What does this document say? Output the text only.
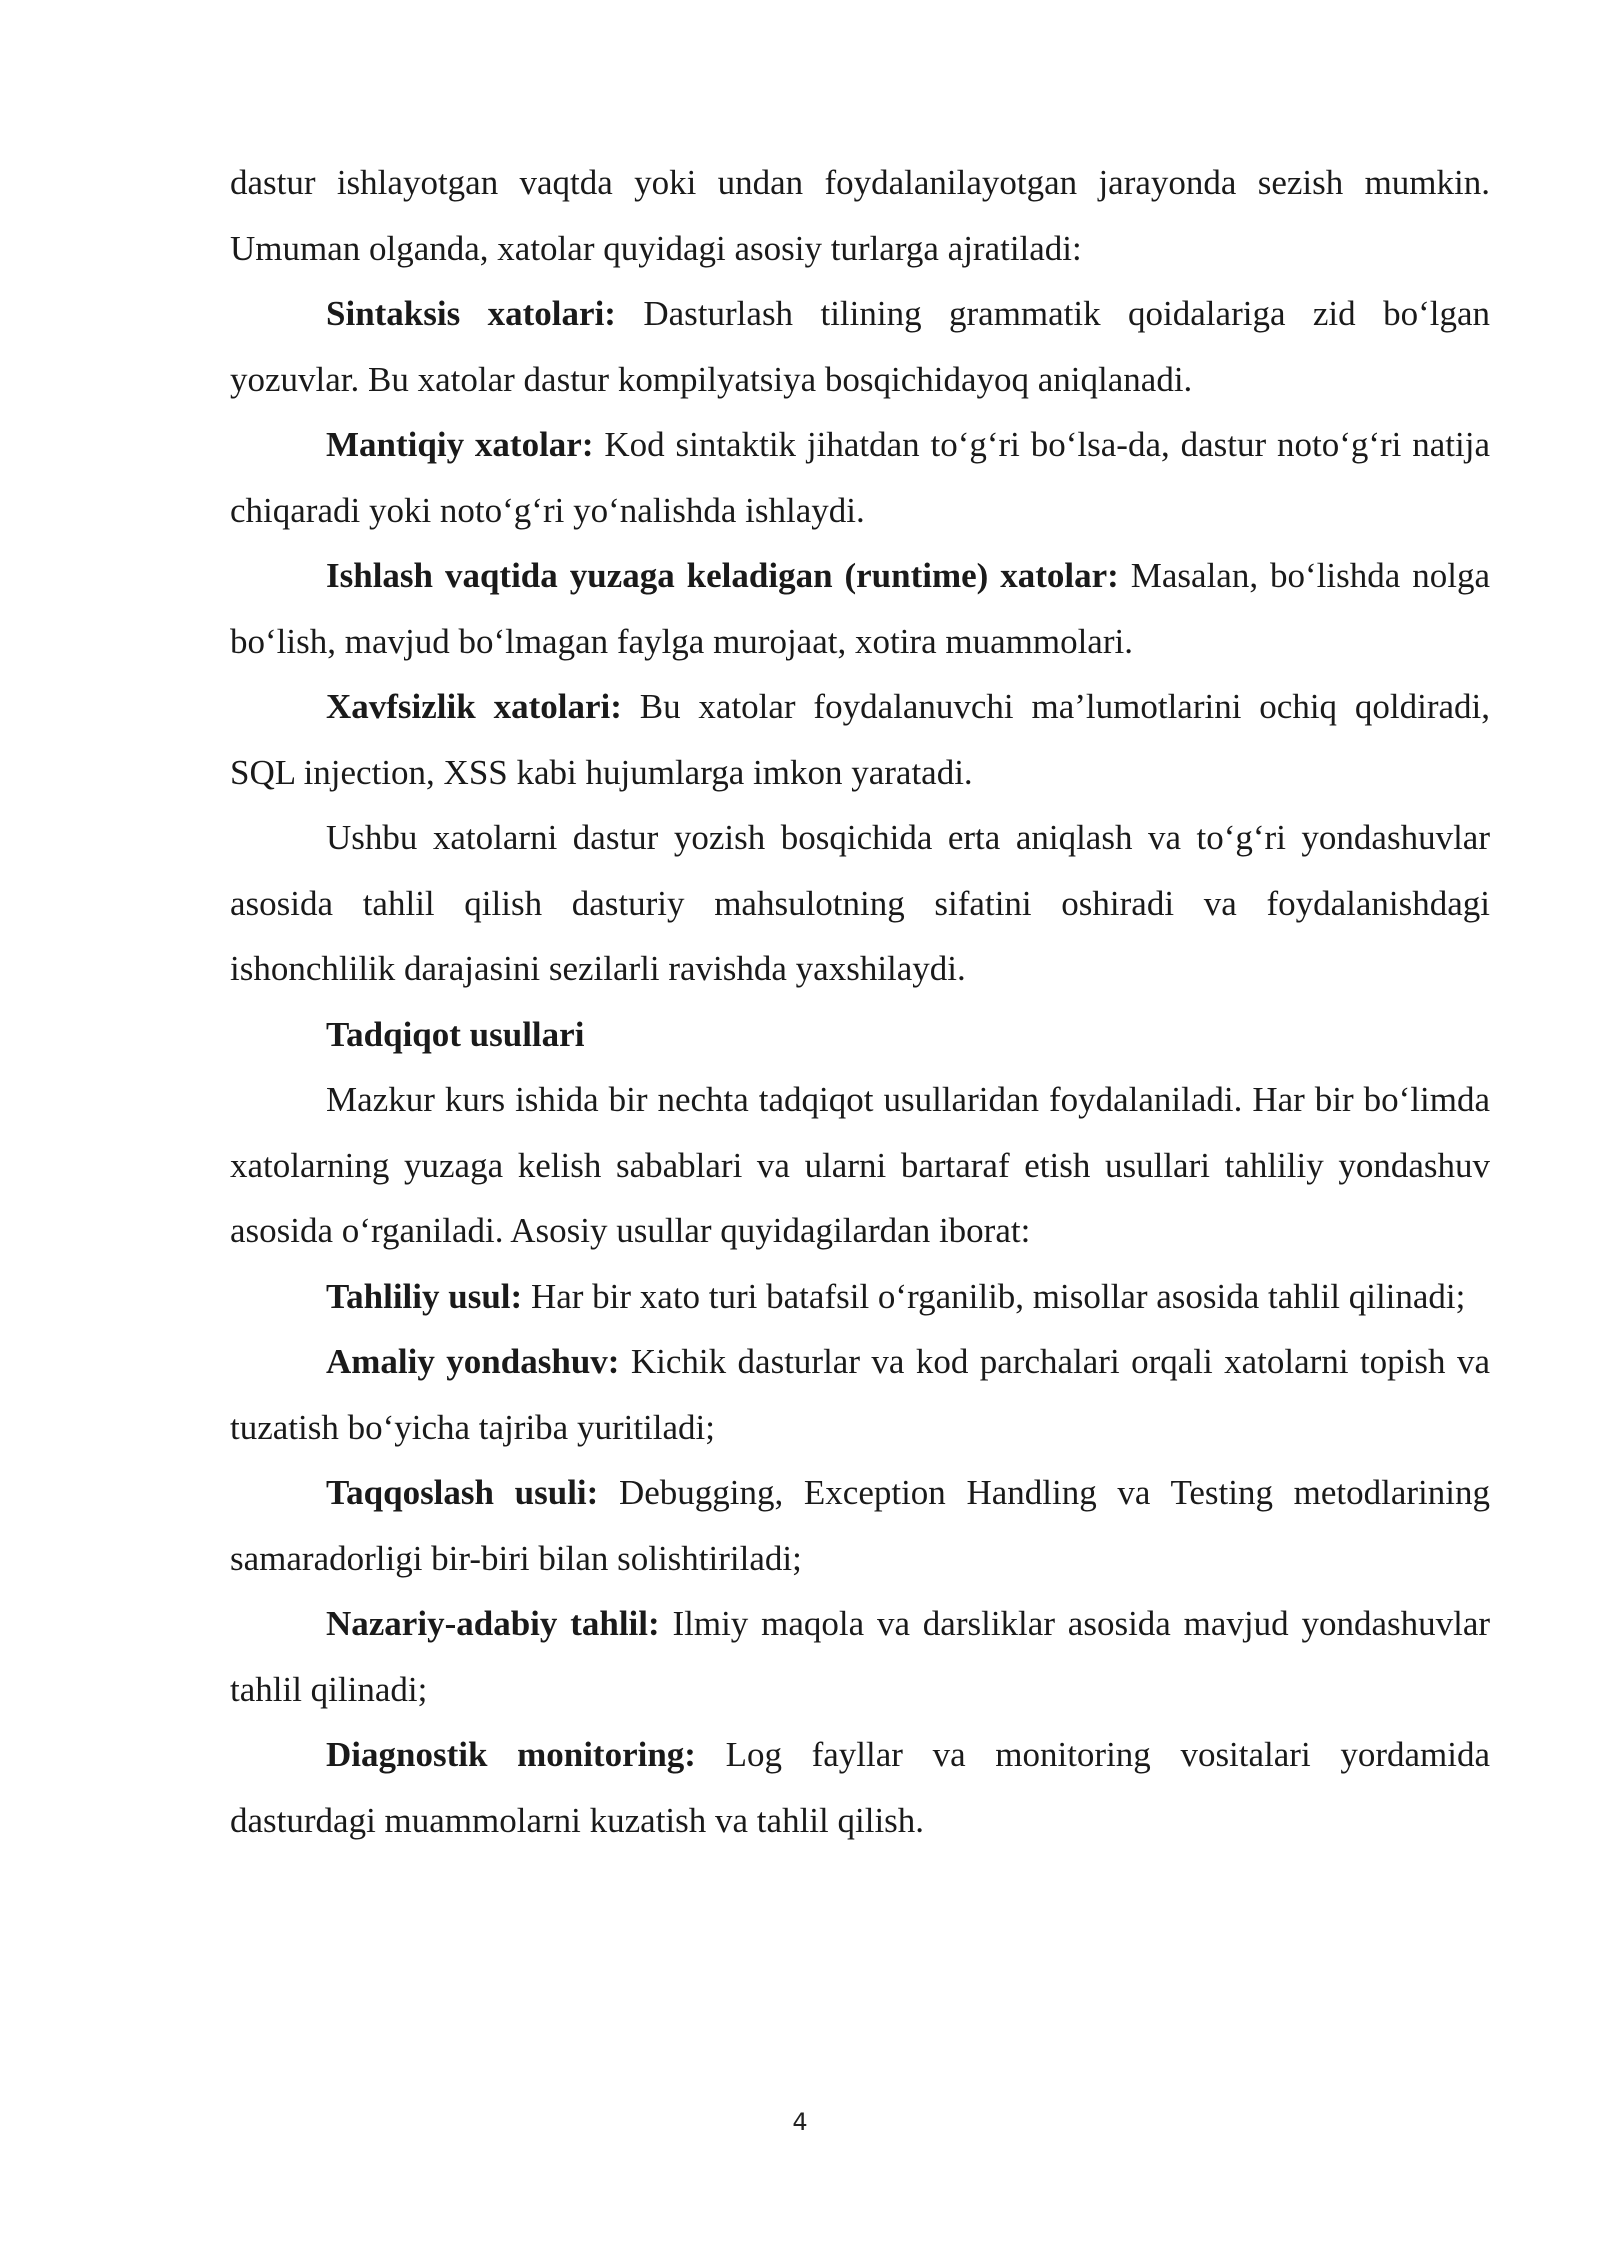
dastur ishlayotgan vaqtda yoki undan foydalanilayotgan jarayonda sezish mumkin. Umuman olganda, xatolar quyidagi asosiy turlarga ajratiladi:

Sintaksis xatolari: Dasturlash tilining grammatik qoidalariga zid boʻlgan yozuvlar. Bu xatolar dastur kompilyatsiya bosqichidayoq aniqlanadi.

Mantiqiy xatolar: Kod sintaktik jihatdan toʻgʻri boʻlsa-da, dastur notoʻgʻri natija chiqaradi yoki notoʻgʻri yoʻnalishda ishlaydi.

Ishlash vaqtida yuzaga keladigan (runtime) xatolar: Masalan, boʻlishda nolga boʻlish, mavjud boʻlmagan faylga murojaat, xotira muammolari.

Xavfsizlik xatolari: Bu xatolar foydalanuvchi ma’lumotlarini ochiq qoldiradi, SQL injection, XSS kabi hujumlarga imkon yaratadi.

Ushbu xatolarni dastur yozish bosqichida erta aniqlash va toʻgʻri yondashuvlar asosida tahlil qilish dasturiy mahsulotning sifatini oshiradi va foydalanishdagi ishonchlilik darajasini sezilarli ravishda yaxshilaydi.

Tadqiqot usullari

Mazkur kurs ishida bir nechta tadqiqot usullaridan foydalaniladi. Har bir boʻlimda xatolarning yuzaga kelish sabablari va ularni bartaraf etish usullari tahliliy yondashuv asosida oʻrganiladi. Asosiy usullar quyidagilardan iborat:

Tahliliy usul: Har bir xato turi batafsil oʻrganilib, misollar asosida tahlil qilinadi;

Amaliy yondashuv: Kichik dasturlar va kod parchalari orqali xatolarni topish va tuzatish boʻyicha tajriba yuritiladi;

Taqqoslash usuli: Debugging, Exception Handling va Testing metodlarining samaradorligi bir-biri bilan solishtiriladi;

Nazariy-adabiy tahlil: Ilmiy maqola va darsliklar asosida mavjud yondashuvlar tahlil qilinadi;

Diagnostik monitoring: Log fayllar va monitoring vositalari yordamida dasturdagi muammolarni kuzatish va tahlil qilish.

4
